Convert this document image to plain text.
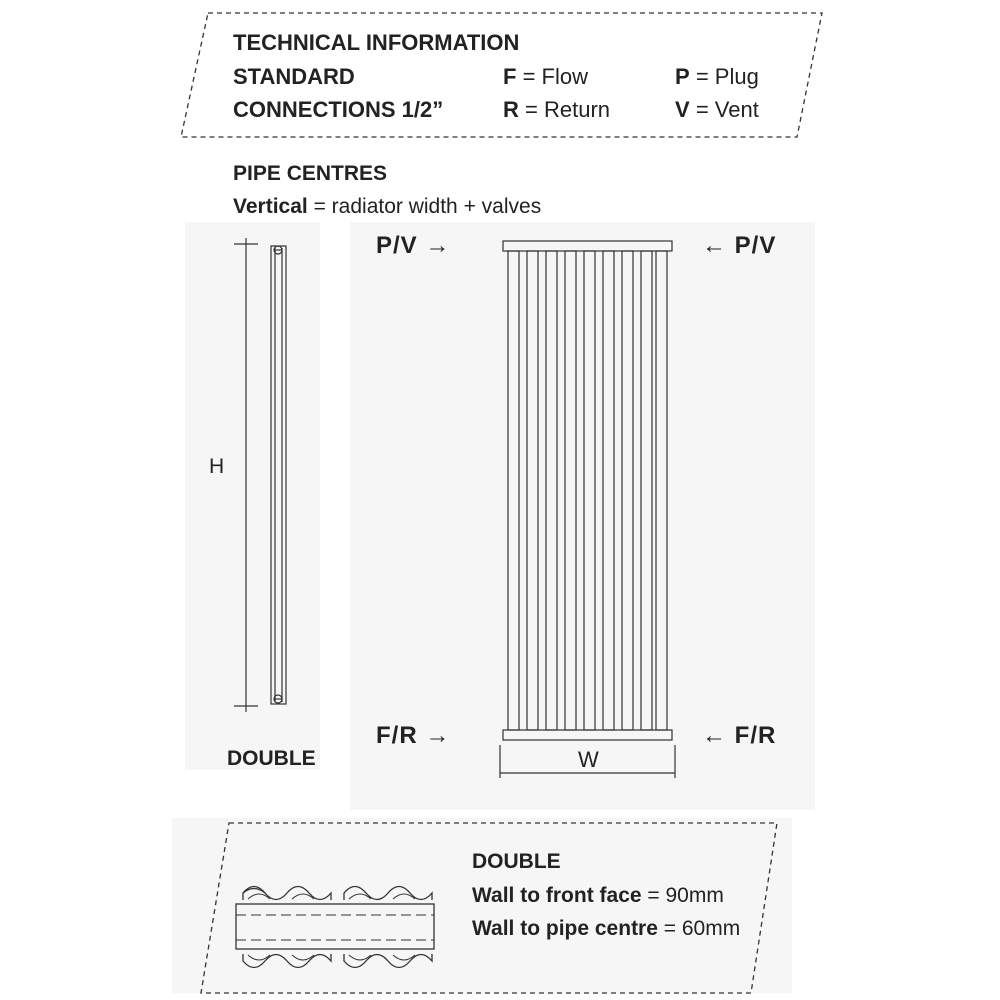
TECHNICAL INFORMATION
STANDARD
CONNECTIONS 1/2”
F = Flow
R = Return
P = Plug
V = Vent
PIPE CENTRES
Vertical = radiator width + valves
H
DOUBLE
P/V →	← P/V
F/R →	← F/R
W
DOUBLE
Wall to front face = 90mm
Wall to pipe centre = 60mm
